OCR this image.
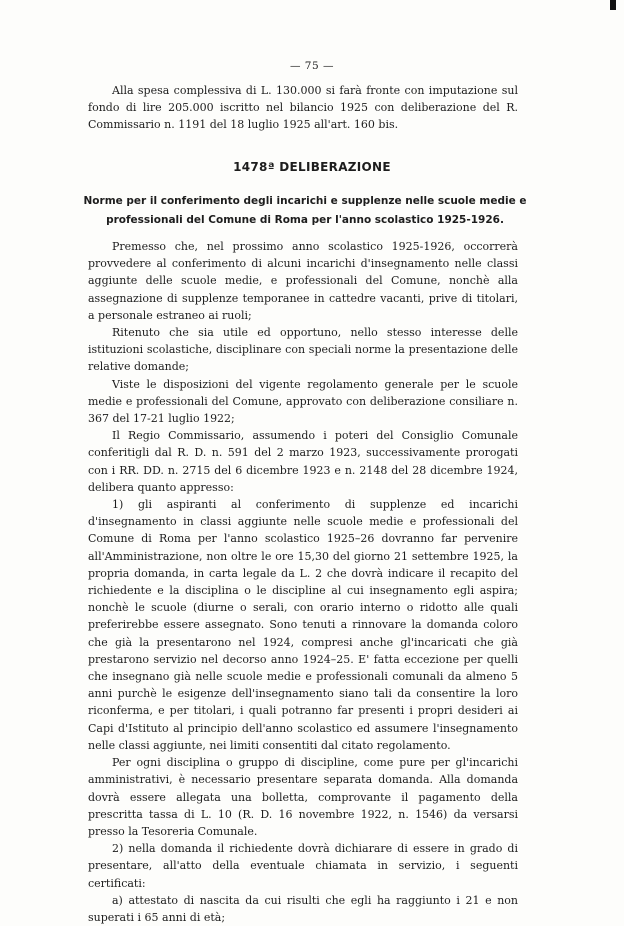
— 75 —

Alla spesa complessiva di L. 130.000 si farà fronte con imputazione sul fondo di lire 205.000 iscritto nel bilancio 1925 con deliberazione del R. Commissario n. 1191 del 18 luglio 1925 all'art. 160 bis.

1478ª DELIBERAZIONE
Norme per il conferimento degli incarichi e supplenze nelle scuole medie e professionali del Comune di Roma per l'anno scolastico 1925-1926.

Premesso che, nel prossimo anno scolastico 1925-1926, occorrerà provvedere al conferimento di alcuni incarichi d'insegnamento nelle classi aggiunte delle scuole medie, e professionali del Comune, nonchè alla assegnazione di supplenze temporanee in cattedre vacanti, prive di titolari, a personale estraneo ai ruoli;

Ritenuto che sia utile ed opportuno, nello stesso interesse delle istituzioni scolastiche, disciplinare con speciali norme la presentazione delle relative domande;

Viste le disposizioni del vigente regolamento generale per le scuole medie e professionali del Comune, approvato con deliberazione consiliare n. 367 del 17-21 luglio 1922;

Il Regio Commissario, assumendo i poteri del Consiglio Comunale conferitigli dal R. D. n. 591 del 2 marzo 1923, successivamente prorogati con i RR. DD. n. 2715 del 6 dicembre 1923 e n. 2148 del 28 dicembre 1924, delibera quanto appresso:

1) gli aspiranti al conferimento di supplenze ed incarichi d'insegnamento in classi aggiunte nelle scuole medie e professionali del Comune di Roma per l'anno scolastico 1925–26 dovranno far pervenire all'Amministrazione, non oltre le ore 15,30 del giorno 21 settembre 1925, la propria domanda, in carta legale da L. 2 che dovrà indicare il recapito del richiedente e la disciplina o le discipline al cui insegnamento egli aspira; nonchè le scuole (diurne o serali, con orario interno o ridotto alle quali preferirebbe essere assegnato. Sono tenuti a rinnovare la domanda coloro che già la presentarono nel 1924, compresi anche gl'incaricati che già prestarono servizio nel decorso anno 1924–25. E' fatta eccezione per quelli che insegnano già nelle scuole medie e professionali comunali da almeno 5 anni purchè le esigenze dell'insegnamento siano tali da consentire la loro riconferma, e per titolari, i quali potranno far presenti i propri desideri ai Capi d'Istituto al principio dell'anno scolastico ed assumere l'insegnamento nelle classi aggiunte, nei limiti consentiti dal citato regolamento.

Per ogni disciplina o gruppo di discipline, come pure per gl'incarichi amministrativi, è necessario presentare separata domanda. Alla domanda dovrà essere allegata una bolletta, comprovante il pagamento della prescritta tassa di L. 10 (R. D. 16 novembre 1922, n. 1546) da versarsi presso la Tesoreria Comunale.

2) nella domanda il richiedente dovrà dichiarare di essere in grado di presentare, all'atto della eventuale chiamata in servizio, i seguenti certificati:

a) attestato di nascita da cui risulti che egli ha raggiunto i 21 e non superati i 65 anni di età;
